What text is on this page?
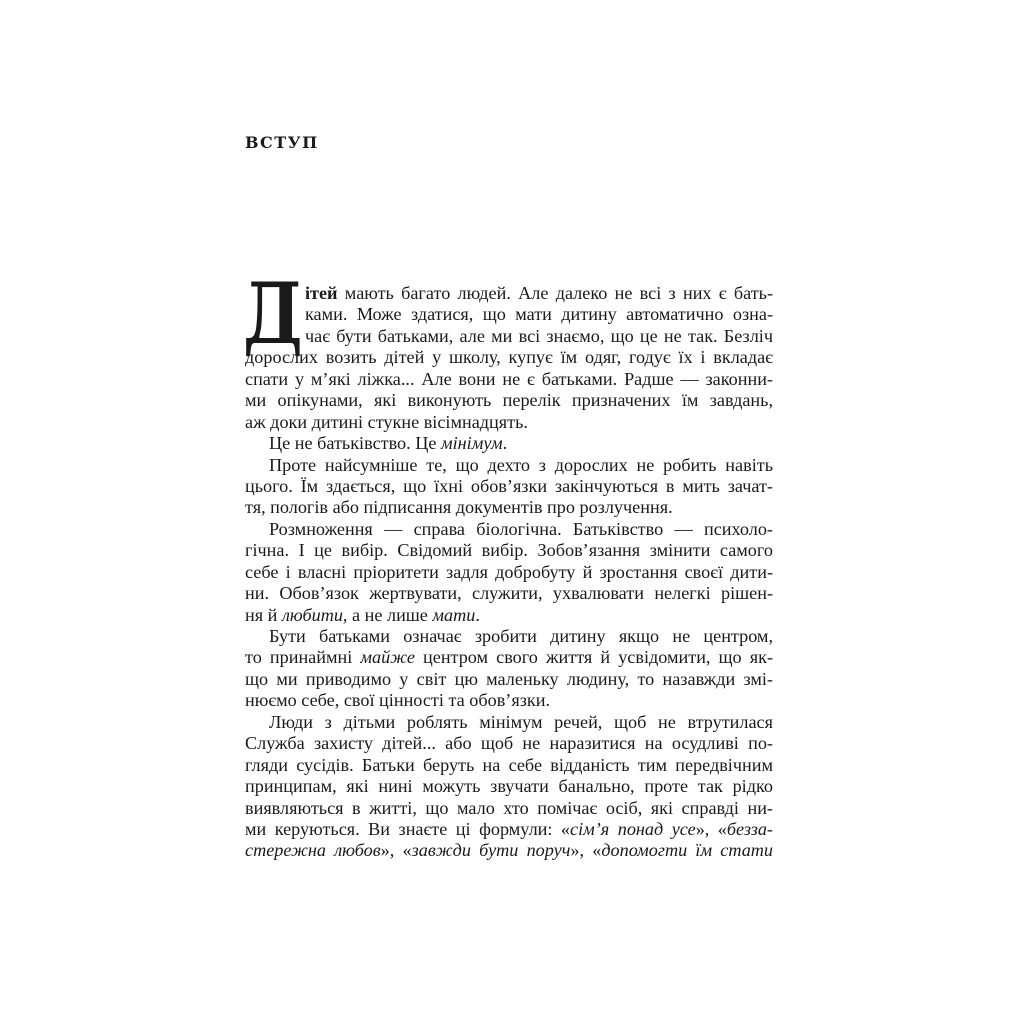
ВСТУП
Д ітей мають багато людей. Але далеко не всі з них є бать-
ками. Може здатися, що мати дитину автоматично озна-
чає бути батьками, але ми всі знаємо, що це не так. Безліч
дорослих возить дітей у школу, купує їм одяг, годує їх і вкладає
спати у м’які ліжка... Але вони не є батьками. Радше — законни-
ми опікунами, які виконують перелік призначених їм завдань,
аж доки дитині стукне вісімнадцять.
Це не батьківство. Це мінімум.
Проте найсумніше те, що дехто з дорослих не робить навіть
цього. Їм здається, що їхні обов’язки закінчуються в мить зачат-
тя, пологів або підписання документів про розлучення.
Розмноження — справа біологічна. Батьківство — психоло-
гічна. І це вибір. Свідомий вибір. Зобов’язання змінити самого
себе і власні пріоритети задля добробуту й зростання своєї дити-
ни. Обов’язок жертвувати, служити, ухвалювати нелегкі рішен-
ня й любити, а не лише мати.
Бути батьками означає зробити дитину якщо не центром,
то принаймні майже центром свого життя й усвідомити, що як-
що ми приводимо у світ цю маленьку людину, то назавжди змі-
нюємо себе, свої цінності та обов’язки.
Люди з дітьми роблять мінімум речей, щоб не втрутилася
Служба захисту дітей... або щоб не наразитися на осудливі по-
гляди сусідів. Батьки беруть на себе відданість тим передвічним
принципам, які нині можуть звучати банально, проте так рідко
виявляються в житті, що мало хто помічає осіб, які справді ни-
ми керуються. Ви знаєте ці формули: «сім’я понад усе», «безза-
стережна любов», «завжди бути поруч», «допомогти їм стати
